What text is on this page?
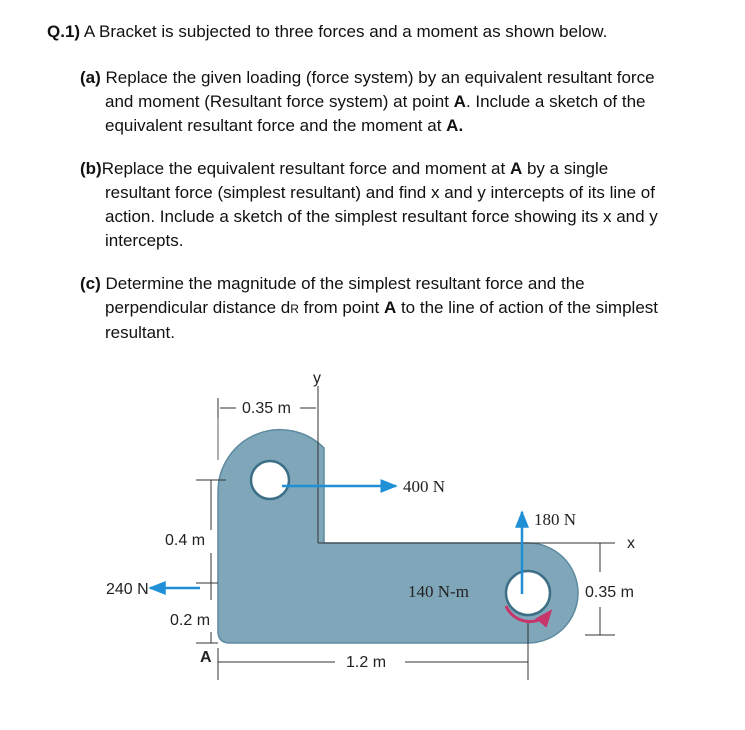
Q.1) A Bracket is subjected to three forces and a moment as shown below.
(a) Replace the given loading (force system) by an equivalent resultant force
and moment (Resultant force system) at point A. Include a sketch of the
equivalent resultant force and the moment at A.
(b)Replace the equivalent resultant force and moment at A by a single
resultant force (simplest resultant) and find x and y intercepts of its line of
action. Include a sketch of the simplest resultant force showing its x and y
intercepts.
(c) Determine the magnitude of the simplest resultant force and the
perpendicular distance dR from point A to the line of action of the simplest
resultant.
y
x
0.35 m
0.4 m
0.2 m
240 N
A	1.2 m
400 N
180 N
140 N-m	0.35 m
